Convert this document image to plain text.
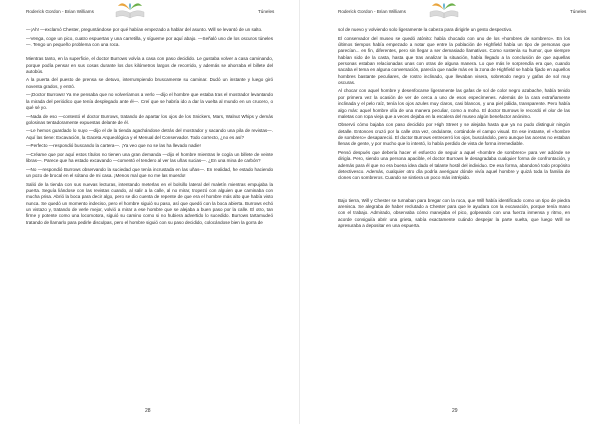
Roderick Gordon - Brian Williams	Túneles

—¡Ah! —exclamó Chester, preguntándose por qué habían empezado a hablar del asunto. Will se levantó de un salto.

—Venga, coge un pico, cuatro espuertas y una carretilla, y sígueme por aquí abajo. —Señaló uno de los oscuros túneles—. Tengo un pequeño problema con una roca.

Mientras tanto, en la superficie, el doctor Burrows volvía a casa con paso decidido. Le gustaba volver a casa caminando, porque podía pensar en sus cosas durante los dos kilómetros largos de recorrido, y además se ahorraba el billete del autobús.

A la puerta del puesto de prensa se detuvo, interrumpiendo bruscamente su caminar. Dudó un instante y luego giró noventa grados, y entró.

—¡Doctor Burrows! Ya me pensaba que no volveríamos a verlo —dijo el hombre que estaba tras el mostrador levantando la mirada del periódico que tenía desplegado ante él—. Creí que se habría ido a dar la vuelta al mundo en un crucero, o qué sé yo.

—Nada de eso —contestó el doctor Burrows, tratando de apartar los ojos de los Snickers, Mars, Walnut Whips y demás golosinas tentadoramente expuestas delante de él.

—Le hemos guardado lo suyo —dijo el de la tienda agachándose detrás del mostrador y sacando una pila de revistas—. Aquí las tiene: Excavación, la Gaceta Arqueológica y el Menual del Conservador. Todo correcto, ¿no es así?

—Perfecto —respondió buscando la cartera—. ¡Ya veo que no se las ha llevado nadie!

—Créame que por aquí estos títulos no tienen una gran demanda —dijo el hombre mientras le cogía un billete de veinte libras—. Parece que ha estado excavando —comentó el tendero al ver las uñas sucias—. ¿En una mina de carbón?

—No —respondió Burrows observando la suciedad que tenía incrustada en las uñas—. En realidad, he estado haciendo un pozo de brocal en el sótano de mi casa. ¡Menos mal que no me las muerdo!

Salió de la tienda con sus nuevas lecturas, intentando meterlas en el bolsillo lateral del maletín mientras empujaba la puerta. Seguía liándose con las revistas cuando, al salir a la calle, al no mirar, tropezó con alguien que caminaba con mucha prisa. Abrió la boca para decir algo, pero se dio cuenta de repente de que era el hombre más alto que había visto nunca. Se quedó un momento indeciso, pero el hombre siguió su paso, así que quedó con la boca abierta. Burrows echó un vistazo y, tratando de verle mejor, volvió a mirar a ese hombre que se alejaba a buen paso por la calle. El otro, tan firme y potente como una locomotora, siguió su camino como si no hubiera advertido lo sucedido. Burrows tartamudeó tratando de llamarlo para pedirle disculpas, pero el hombre siguió con su paso decidido, colocándose bien la gorra de

28
Roderick Gordon - Brian Williams	Túneles

sol de nuevo y volviendo solo ligeramente la cabeza para dirigirle un gesto despectivo.

El conservador del museo se quedó atónito: había chocado con uno de los «hombres de sombrero». En los últimos tiempos había empezado a notar que entre la población de Highfield había un tipo de personas que parecían... en fin, diferentes, pero sin llegar a ser demasiado llamativos. Como sostenía su humor, que siempre habían sido de la casta, hasta que tras analizar la situación, había llegado a la conclusión de que aquellas personas estaban relacionadas unas con otras de alguna manera. Lo que más le sorprendía era que, cuando sacaba el tema en alguna conversación, parecía que nadie más en la zona de Highfield se había fijado en aquellos hombres bastante peculiares, de rostro inclinado, que llevaban visera, sobretodo negro y gafas de sol muy oscuras.

Al chocar con aquel hombre y desenfocarse ligeramente las gafas de sol de color negro azabache, había tenido por primera vez la ocasión de ver de cerca a uno de esos especímenes. Además de la cara extrañamente inclinada y el pelo raíz, tenía los ojos azules muy claros, casi blancos, y una piel pálida, transparente. Pero había algo más: aquel hombre olía de una manera peculiar, como a moho. El doctor Burrows le recordó el olor de las maletas con ropa vieja que a veces dejaba en la escalera del museo algún benefactor anónimo.

Observó cómo bajaba con paso decidido por High Street y se alejaba hasta que ya no pudo distinguir ningún detalle. Entonces cruzó por la calle otra vez, ondulante, cortándole el campo visual. En ese instante, el «hombre de sombrero» desapareció. El doctor Burrows entrecerró los ojos, buscándolo, pero aunque las aceras no estaban llenas de gente, y por mucho que lo intentó, lo había perdido de vista de forma irremediable.

Pensó después que debería hacer el esfuerzo de seguir a aquel «hombre de sombrero» para ver adónde se dirigía. Pero, siendo una persona apacible, el doctor Burrows le desagradaba cualquier forma de confrontación, y además para él que no era buena idea dado el talante hostil del individuo. De esa forma, abandonó todo propósito detectivesco. Además, cualquier otro día podría averiguar dónde vivía aquel hombre y quizá toda la familia de clones con sombreros. Cuando se sintiera un poco más intrépido.

Bajo tierra, Will y Chester se turnaban para bregar con la roca, que Will había identificado como un tipo de piedra arenisca. Se alegraba de haber reclutado a Chester para que le ayudara con la excavación, porque tenía mano con el trabajo. Admirado, observaba cómo manejaba el pico, golpeando con una fuerza inmensa y ritmo, en acorde consiguiía abrir una grieta, sabía exactamente cuándo despejar la parte suelta, que luego Will se apresuraba a depositar en una espuerta.

29
